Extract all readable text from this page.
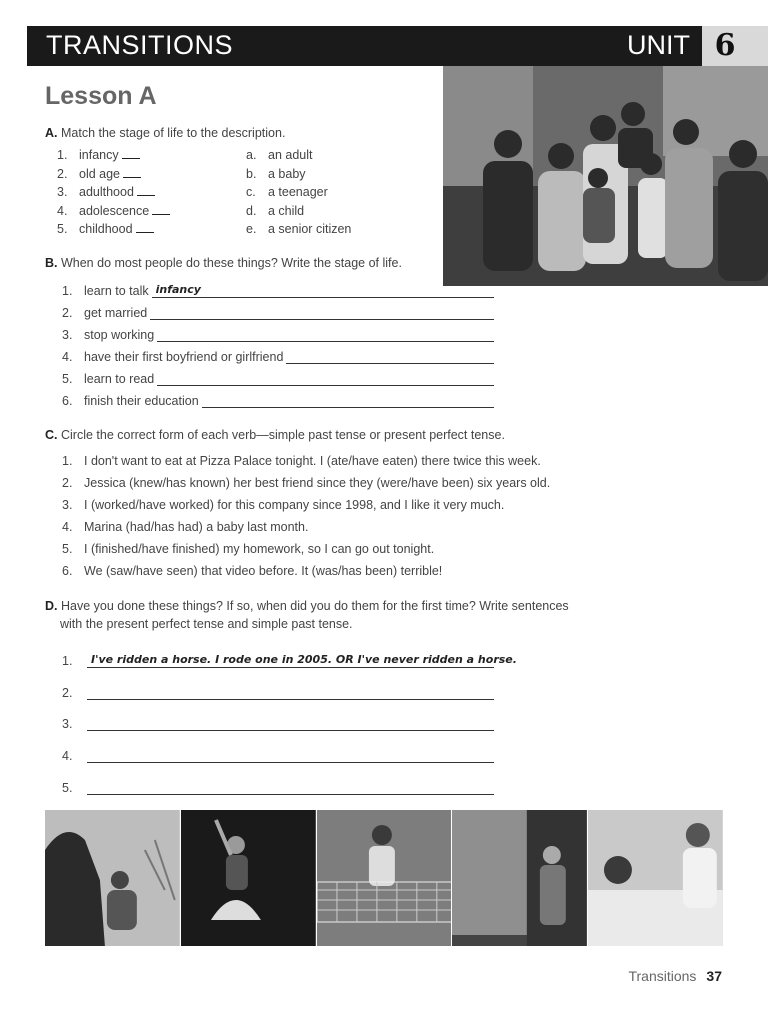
TRANSITIONS	UNIT 6
Lesson A
A. Match the stage of life to the description.
1. infancy
2. old age
3. adulthood
4. adolescence
5. childhood
a. an adult
b. a baby
c. a teenager
d. a child
e. a senior citizen
B. When do most people do these things? Write the stage of life.
1. learn to talk infancy
2. get married
3. stop working
4. have their first boyfriend or girlfriend
5. learn to read
6. finish their education
C. Circle the correct form of each verb—simple past tense or present perfect tense.
1. I don't want to eat at Pizza Palace tonight. I (ate/have eaten) there twice this week.
2. Jessica (knew/has known) her best friend since they (were/have been) six years old.
3. I (worked/have worked) for this company since 1998, and I like it very much.
4. Marina (had/has had) a baby last month.
5. I (finished/have finished) my homework, so I can go out tonight.
6. We (saw/have seen) that video before. It (was/has been) terrible!
D. Have you done these things? If so, when did you do them for the first time? Write sentences
with the present perfect tense and simple past tense.
1.	I've ridden a horse. I rode one in 2005. OR I've never ridden a horse.
2.
3.
4.
5.
Transitions 37
